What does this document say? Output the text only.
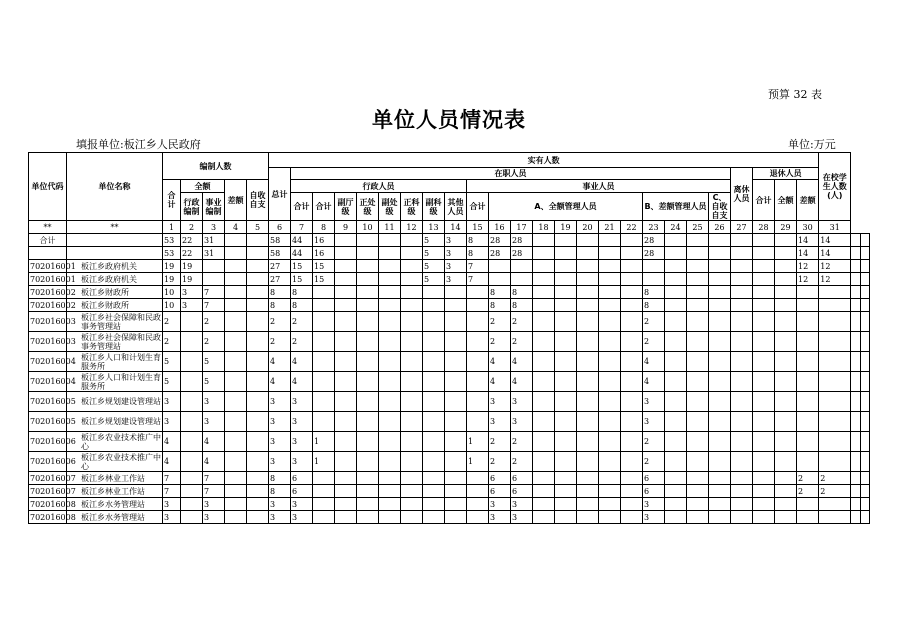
预算 32 表
单位人员情况表
填报单位:板江乡人民政府	单位:万元
单位代码	单位名称	编制人数					实有人数																									在校学生人数(人)		
							总计	在职人员																				离休人员	退休人员					
		合计	全额		差额	自收自支		行政人员								事业人员													合计	全额	差额			
			行政编制	事业编制				合计	合计	副厅级	正处级	副处级	正科级	副科级	其他人员	合计	A、全额管理人员							B、差额管理人员			C、自收自支							
**	**	1	2	3	4	5	6	7	8	9	10	11	12	13	14	15	16	17	18	19	20	21	22	23	24	25	26	27	28	29	30	31		
合计		53	22	31			58	44	16					5	3	8	28	28						28							14	14		
		53	22	31			58	44	16					5	3	8	28	28						28							14	14		
702016001	板江乡政府机关	19	19				27	15	15					5	3	7															12	12		
702016001	板江乡政府机关	19	19				27	15	15					5	3	7															12	12		
702016002	板江乡财政所	10	3	7			8	8									8	8						8										
702016002	板江乡财政所	10	3	7			8	8									8	8						8										
702016003	板江乡社会保障和民政事务管理站	2		2			2	2									2	2						2										
702016003	板江乡社会保障和民政事务管理站	2		2			2	2									2	2						2										
702016004	板江乡人口和计划生育服务所	5		5			4	4									4	4						4										
702016004	板江乡人口和计划生育服务所	5		5			4	4									4	4						4										
702016005	板江乡规划建设管理站	3		3			3	3									3	3						3										
702016005	板江乡规划建设管理站	3		3			3	3									3	3						3										
702016006	板江乡农业技术推广中心	4		4			3	3	1							1	2	2						2										
702016006	板江乡农业技术推广中心	4		4			3	3	1							1	2	2						2										
702016007	板江乡林业工作站	7		7			8	6									6	6						6							2	2		
702016007	板江乡林业工作站	7		7			8	6									6	6						6							2	2		
702016008	板江乡水务管理站	3		3			3	3									3	3						3										
702016008	板江乡水务管理站	3		3			3	3									3	3						3										
